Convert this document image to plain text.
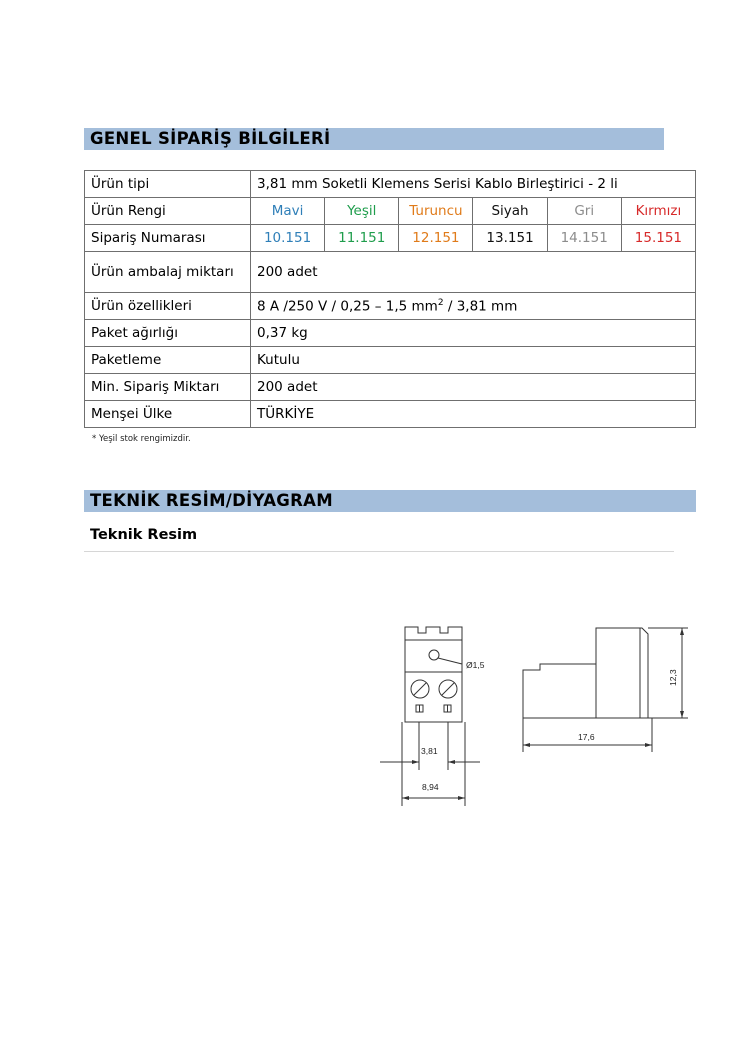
GENEL SİPARİŞ BİLGİLERİ
Ürün tipi	3,81 mm Soketli Klemens Serisi Kablo Birleştirici - 2 li					
Ürün Rengi	Mavi	Yeşil	Turuncu	Siyah	Gri	Kırmızı
Sipariş Numarası	10.151	11.151	12.151	13.151	14.151	15.151
Ürün ambalaj miktarı	200 adet					
Ürün özellikleri	8 A /250 V / 0,25 – 1,5 $mm^2 / 3,81$ mm					
Paket ağırlığı	0,37 kg					
Paketleme	Kutulu					
Min. Sipariş Miktarı	200 adet					
Menşei Ülke	TÜRKİYE					
* Yeşil stok rengimizdir.
TEKNİK RESİM/DİYAGRAM
Teknik Resim
Ø1,5
3,81
8,94
17,6
12,3
